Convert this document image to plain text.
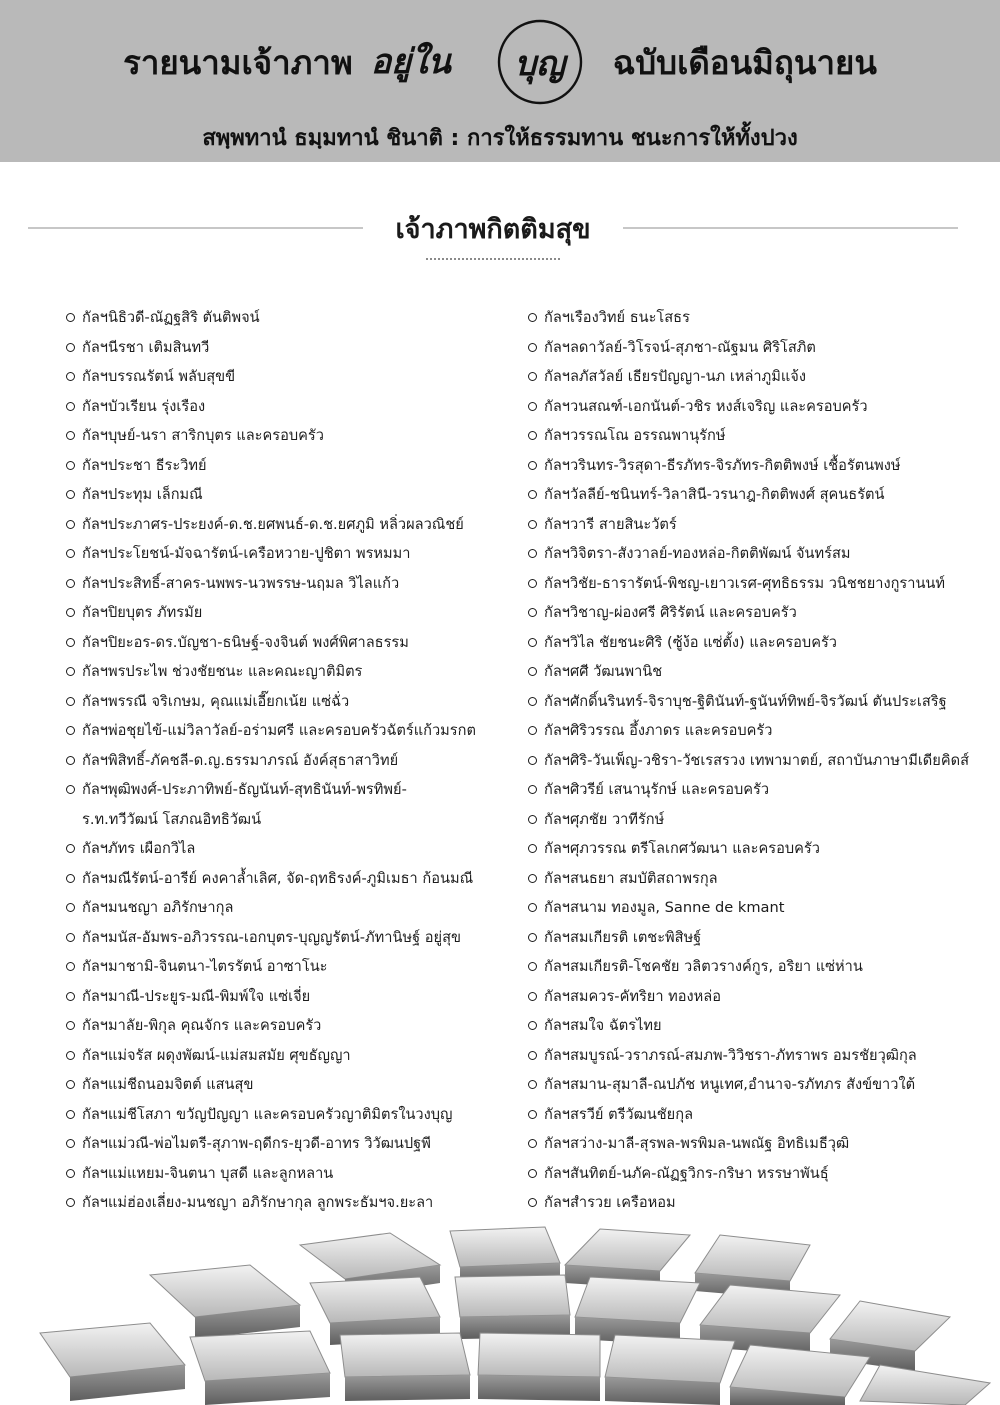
รายนามเจ้าภาพ อยู่ใน	บุญ	ฉบับเดือนมิถุนายน
สพฺพทานํ ธมฺมทานํ ชินาติ : การให้ธรรมทาน ชนะการให้ทั้งปวง
เจ้าภาพกิตติมสุข
กัลฯนิธิวดี-ณัฏฐสิริ ตันติพจน์
กัลฯนีรชา เติมสินทวี
กัลฯบรรณรัตน์ พลับสุขขี
กัลฯบัวเรียน รุ่งเรือง
กัลฯบุษย์-นรา สาริกบุตร และครอบครัว
กัลฯประชา ธีระวิทย์
กัลฯประทุม เล็กมณี
กัลฯประภาศร-ประยงค์-ด.ช.ยศพนธ์-ด.ช.ยศภูมิ หลิ่วผลวณิชย์
กัลฯประโยชน์-มัจฉารัตน์-เครือหวาย-ปูชิตา พรหมมา
กัลฯประสิทธิ์-สาคร-นพพร-นวพรรษ-นฤมล วิไลแก้ว
กัลฯปิยบุตร ภัทรมัย
กัลฯปิยะอร-ดร.บัญชา-ธนิษฐ์-จงจินต์ พงศ์พิศาลธรรม
กัลฯพรประไพ ช่วงชัยชนะ และคณะญาติมิตร
กัลฯพรรณี จริเกษม, คุณแม่เอี๊ยกเน้ย แซ่ฉั่ว
กัลฯพ่อชุยไข้-แม่วิลาวัลย์-อร่ามศรี และครอบครัวฉัตร์แก้วมรกต
กัลฯพิสิทธิ์-ภัคชลี-ด.ญ.ธรรมาภรณ์ อังค์สุธาสาวิทย์
กัลฯพุฒิพงศ์-ประภาทิพย์-ธัญนันท์-สุทธินันท์-พรทิพย์-
ร.ท.ทวีวัฒน์ โสภณอิทธิวัฒน์
กัลฯภัทร เผือกวิไล
กัลฯมณีรัตน์-อารีย์ คงคาล้ำเลิศ, จัด-ฤทธิรงค์-ภูมิเมธา ก้อนมณี
กัลฯมนชญา อภิรักษากุล
กัลฯมนัส-อัมพร-อภิวรรณ-เอกบุตร-บุญญรัตน์-ภัทานิษฐ์ อยู่สุข
กัลฯมาชามิ-จินตนา-ไตรรัตน์ อาซาโนะ
กัลฯมาณี-ประยูร-มณี-พิมพ์ใจ แซ่เจี่ย
กัลฯมาลัย-พิกุล คุณจักร และครอบครัว
กัลฯแม่จรัส ผดุงพัฒน์-แม่สมสมัย ศุขธัญญา
กัลฯแม่ชีถนอมจิตต์ แสนสุข
กัลฯแม่ชีโสภา ขวัญปัญญา และครอบครัวญาติมิตรในวงบุญ
กัลฯแม่วณี-พ่อไมตรี-สุภาพ-ฤดีกร-ยุวดี-อาทร วิวัฒนปฐพี
กัลฯแม่แหยม-จินตนา บุสดี และลูกหลาน
กัลฯแม่ฮ่องเลี่ยง-มนชญา อภิรักษากุล ลูกพระธัมฯจ.ยะลา
กัลฯเรืองวิทย์ ธนะโสธร
กัลฯลดาวัลย์-วิโรจน์-สุภชา-ณัฐมน ศิริโสภิต
กัลฯลภัสวัลย์ เธียรปัญญา-นภ เหล่าภูมิแจ้ง
กัลฯวนสณฑ์-เอกนันต์-วชิร หงส์เจริญ และครอบครัว
กัลฯวรรณโณ อรรณพานุรักษ์
กัลฯวรินทร-วิรสุดา-ธีรภัทร-จิรภัทร-กิตติพงษ์ เชื้อรัตนพงษ์
กัลฯวัลลีย์-ชนินทร์-วิลาสินี-วรนาฎ-กิตติพงศ์ สุคนธรัตน์
กัลฯวารี สายสินะวัตร์
กัลฯวิจิตรา-สังวาลย์-ทองหล่อ-กิตติพัฒน์ จันทร์สม
กัลฯวิชัย-ธารารัตน์-พิชญ-เยาวเรศ-ศุทธิธรรม วนิชชยางกูรานนท์
กัลฯวิชาญ-ผ่องศรี ศิริรัตน์ และครอบครัว
กัลฯวิไล ชัยชนะศิริ (ซู้ง้อ แซ่ตั้ง) และครอบครัว
กัลฯศศี วัฒนพานิช
กัลฯศักดิ์นรินทร์-จิราบุช-ฐิตินันท์-ฐนันท์ทิพย์-จิรวัฒน์ ตันประเสริฐ
กัลฯศิริวรรณ อึ้งภาดร และครอบครัว
กัลฯศิริ-วันเพ็ญ-วชิรา-วัชเรสรวง เทพามาตย์, สถาบันภาษามีเดียคิดส์
กัลฯศิวรีย์ เสนานุรักษ์ และครอบครัว
กัลฯศุภชัย วาทีรักษ์
กัลฯศุภวรรณ ตรีโลเกศวัฒนา และครอบครัว
กัลฯสนธยา สมบัติสถาพรกุล
กัลฯสนาม ทองมูล, Sanne de kmant
กัลฯสมเกียรติ เตชะพิสิษฐ์
กัลฯสมเกียรติ-โชคชัย วลิตวรางค์กูร, อริยา แซ่ห่าน
กัลฯสมควร-คัทริยา ทองหล่อ
กัลฯสมใจ ฉัตรไทย
กัลฯสมบูรณ์-วราภรณ์-สมภพ-วิวิชรา-ภัทราพร อมรชัยวุฒิกุล
กัลฯสมาน-สุมาลี-ณปภัช หนูเทศ,อำนาจ-รภัทภร สังข์ขาวใต้
กัลฯสรวีย์ ตรีวัฒนชัยกุล
กัลฯสว่าง-มาลี-สุรพล-พรพิมล-นพณัฐ อิทธิเมธีวุฒิ
กัลฯสันทิตย์-นภัค-ณัฏฐวิกร-กริษา หรรษาพันธุ์
กัลฯสำรวย เครือหอม
